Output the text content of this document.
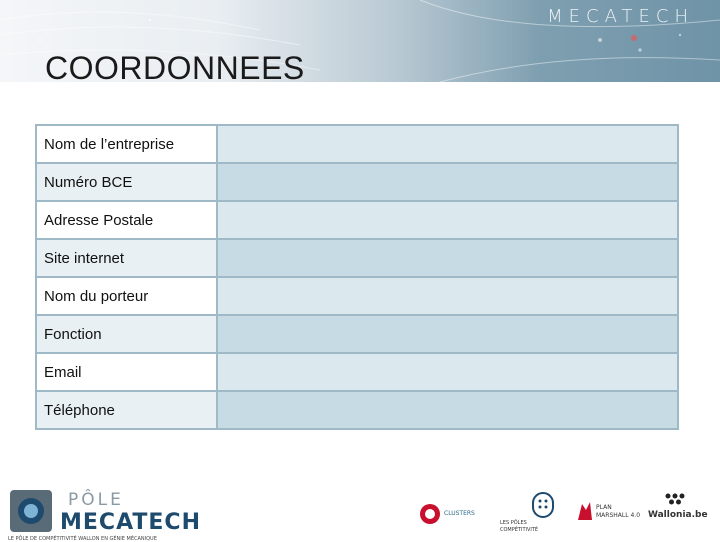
MECATECH
COORDONNEES
Nom de l’entreprise	
Numéro BCE	
Adresse Postale	
Site internet	
Nom du porteur	
Fonction	
Email	
Téléphone	
PÔLE
MECATECH
LE PÔLE DE COMPÉTITIVITÉ WALLON EN GÉNIE MÉCANIQUE
CLUSTERS
LES PÔLES COMPÉTITIVITÉ
PLAN MARSHALL 4.0 Wallonia.be
